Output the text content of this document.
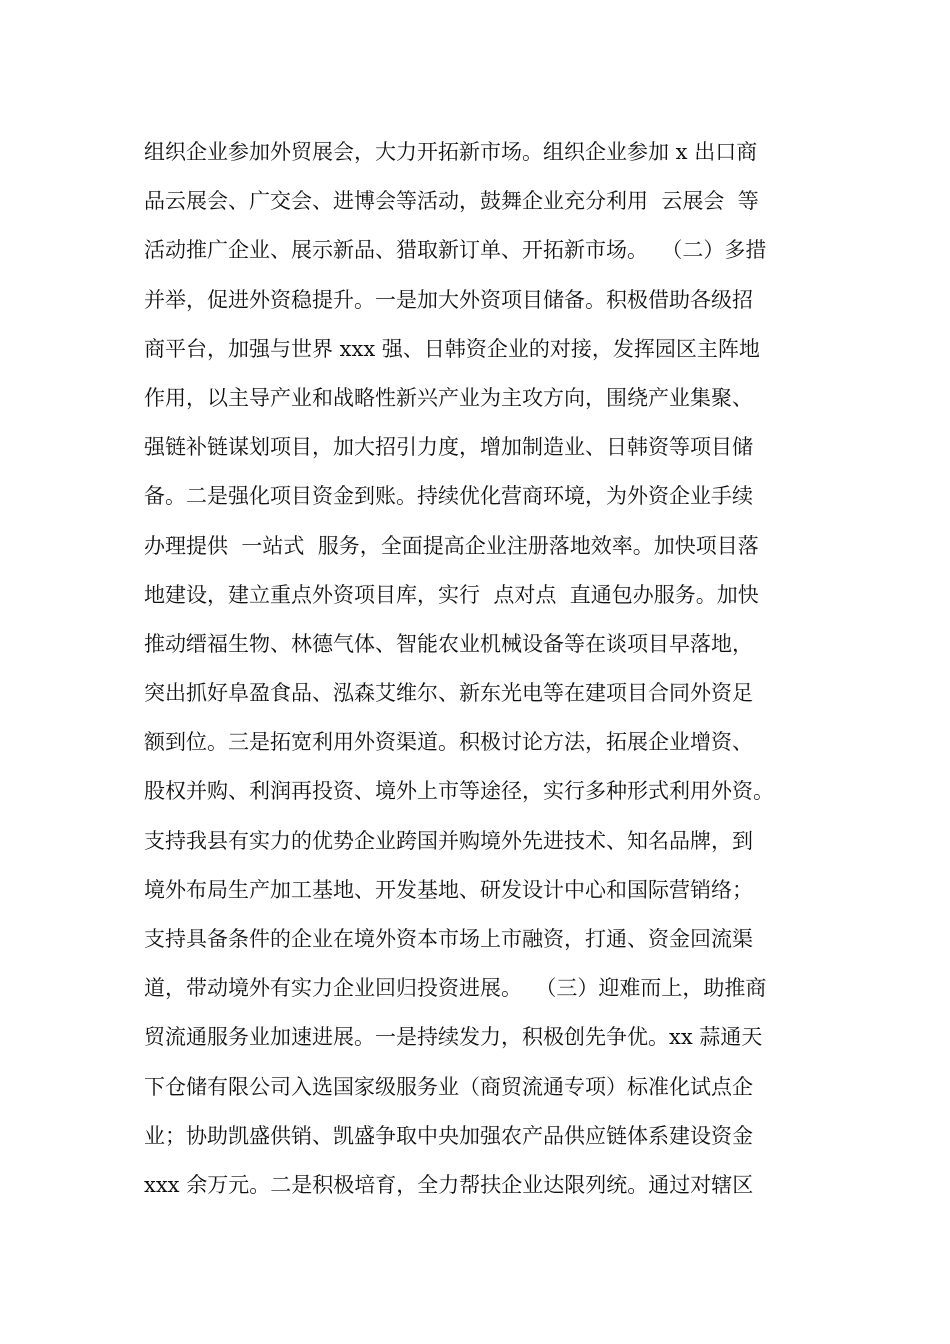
组织企业参加外贸展会，大力开拓新市场。组织企业参加 x 出口商
品云展会、广交会、进博会等活动，鼓舞企业充分利用  云展会  等
活动推广企业、展示新品、猎取新订单、开拓新市场。  （二）多措
并举，促进外资稳提升。一是加大外资项目储备。积极借助各级招
商平台，加强与世界 xxx 强、日韩资企业的对接，发挥园区主阵地
作用，以主导产业和战略性新兴产业为主攻方向，围绕产业集聚、
强链补链谋划项目，加大招引力度，增加制造业、日韩资等项目储
备。二是强化项目资金到账。持续优化营商环境，为外资企业手续
办理提供  一站式  服务，全面提高企业注册落地效率。加快项目落
地建设，建立重点外资项目库，实行  点对点  直通包办服务。加快
推动缙福生物、林德气体、智能农业机械设备等在谈项目早落地，
突出抓好阜盈食品、泓森艾维尔、新东光电等在建项目合同外资足
额到位。三是拓宽利用外资渠道。积极讨论方法，拓展企业增资、
股权并购、利润再投资、境外上市等途径，实行多种形式利用外资。
支持我县有实力的优势企业跨国并购境外先进技术、知名品牌，到
境外布局生产加工基地、开发基地、研发设计中心和国际营销络；
支持具备条件的企业在境外资本市场上市融资，打通、资金回流渠
道，带动境外有实力企业回归投资进展。  （三）迎难而上，助推商
贸流通服务业加速进展。一是持续发力，积极创先争优。xx 蒜通天
下仓储有限公司入选国家级服务业（商贸流通专项）标准化试点企
业；协助凯盛供销、凯盛争取中央加强农产品供应链体系建设资金
xxx 余万元。二是积极培育，全力帮扶企业达限列统。通过对辖区
